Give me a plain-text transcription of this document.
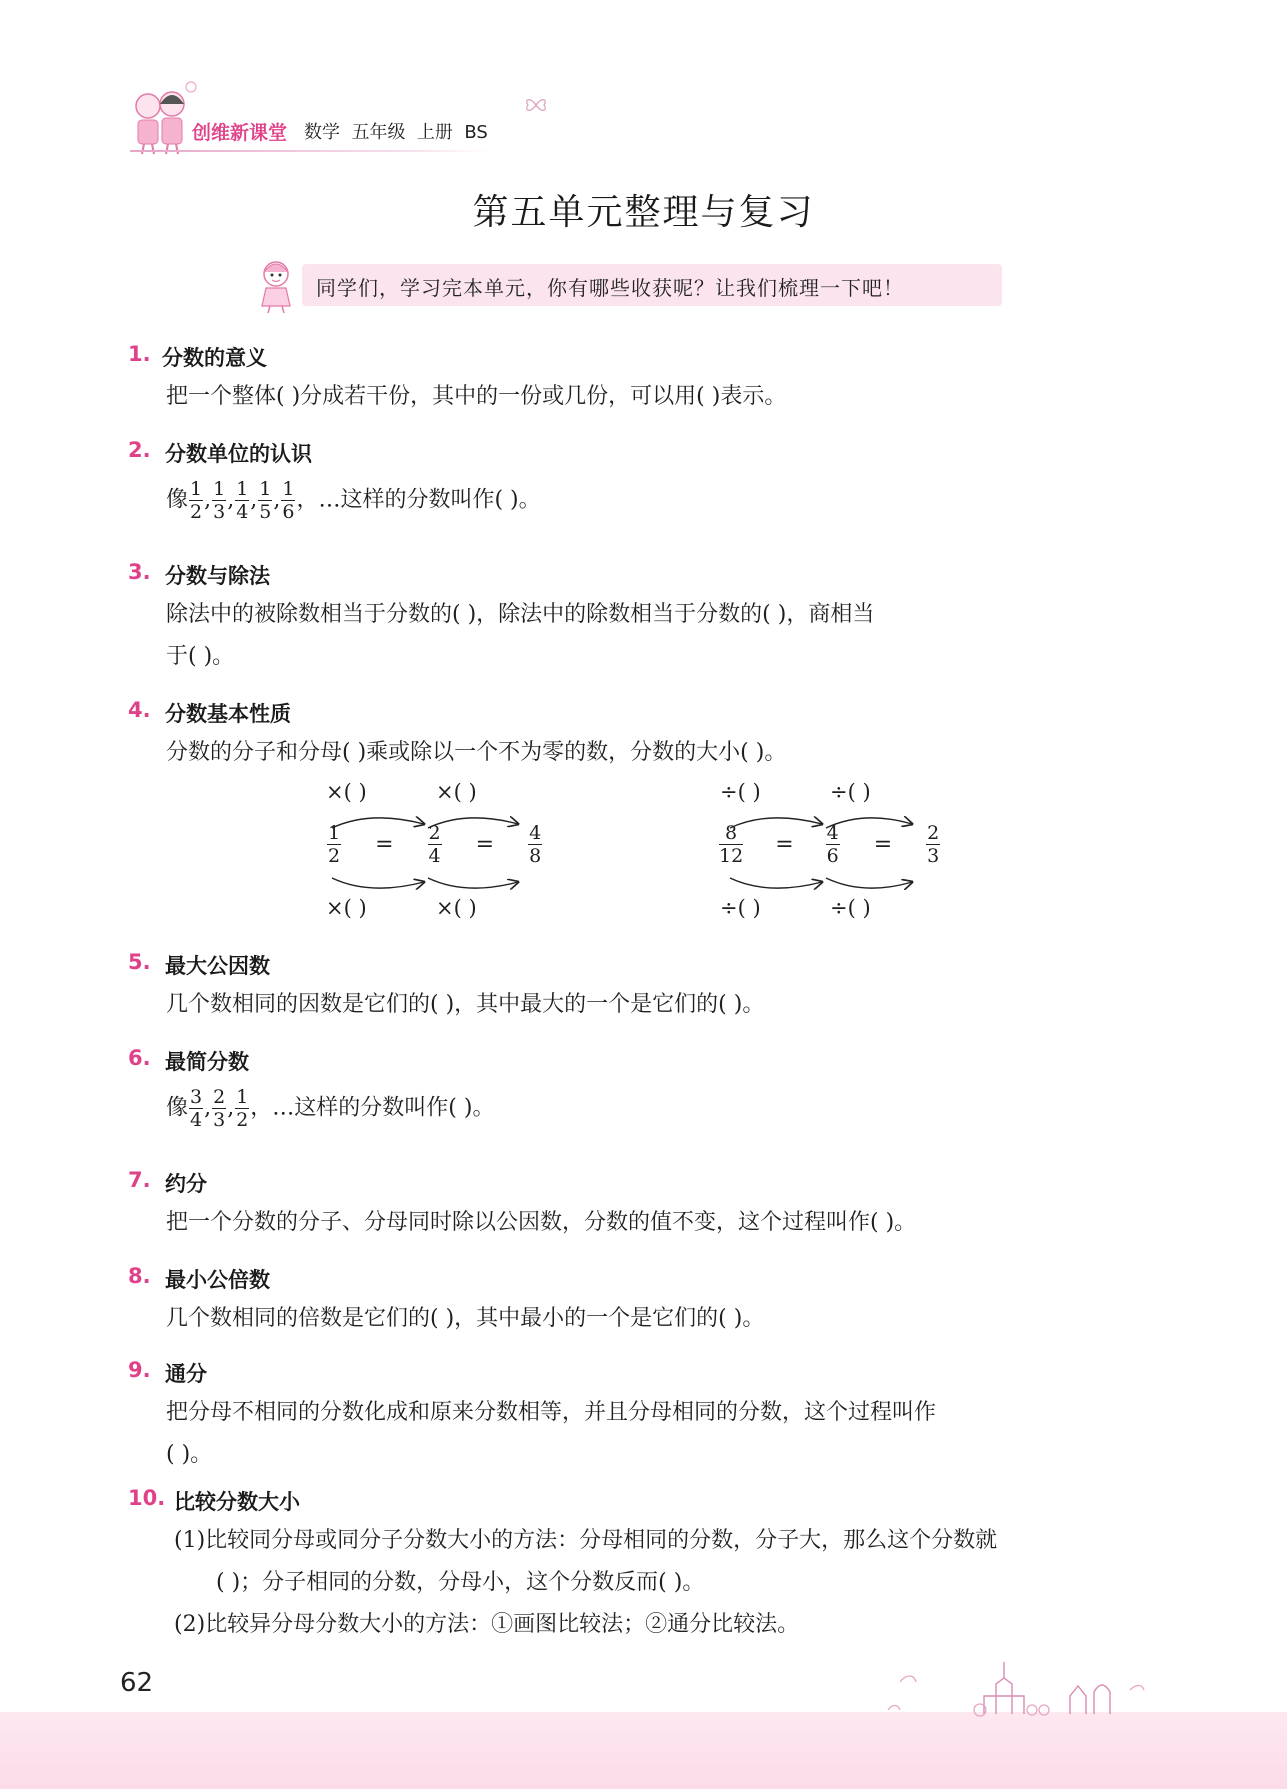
创维新课堂 数学  五年级  上册  BS
第五单元整理与复习
同学们，学习完本单元，你有哪些收获呢？让我们梳理一下吧！
1. 分数的意义
把一个整体( )分成若干份，其中的一份或几份，可以用( )表示。
2. 分数单位的认识
像 $\frac{1}{2}$ , $\frac{1}{3}$ , $\frac{1}{4}$ , $\frac{1}{5}$ , $\frac{1}{6}$ ，…这样的分数叫作( )。
3. 分数与除法
除法中的被除数相当于分数的( )，除法中的除数相当于分数的( )，商相当
于( )。
4. 分数基本性质
分数的分子和分母( )乘或除以一个不为零的数，分数的大小( )。
×( )	×( )
$\frac{1}{2} = \frac{2}{4} = \frac{4}{8}$
×( )	×( )
÷( )	÷( )
$\frac{8}{12} = \frac{4}{6} = \frac{2}{3}$
÷( )	÷( )
5. 最大公因数
几个数相同的因数是它们的( )，其中最大的一个是它们的( )。
6. 最简分数
像 $\frac{3}{4}$ , $\frac{2}{3}$ , $\frac{1}{2}$ ，…这样的分数叫作( )。
7. 约分
把一个分数的分子、分母同时除以公因数，分数的值不变，这个过程叫作( )。
8. 最小公倍数
几个数相同的倍数是它们的( )，其中最小的一个是它们的( )。
9. 通分
把分母不相同的分数化成和原来分数相等，并且分母相同的分数，这个过程叫作
( )。
10. 比较分数大小
(1)比较同分母或同分子分数大小的方法：分母相同的分数，分子大，那么这个分数就
( )；分子相同的分数，分母小，这个分数反而( )。
(2)比较异分母分数大小的方法：①画图比较法；②通分比较法。
62
